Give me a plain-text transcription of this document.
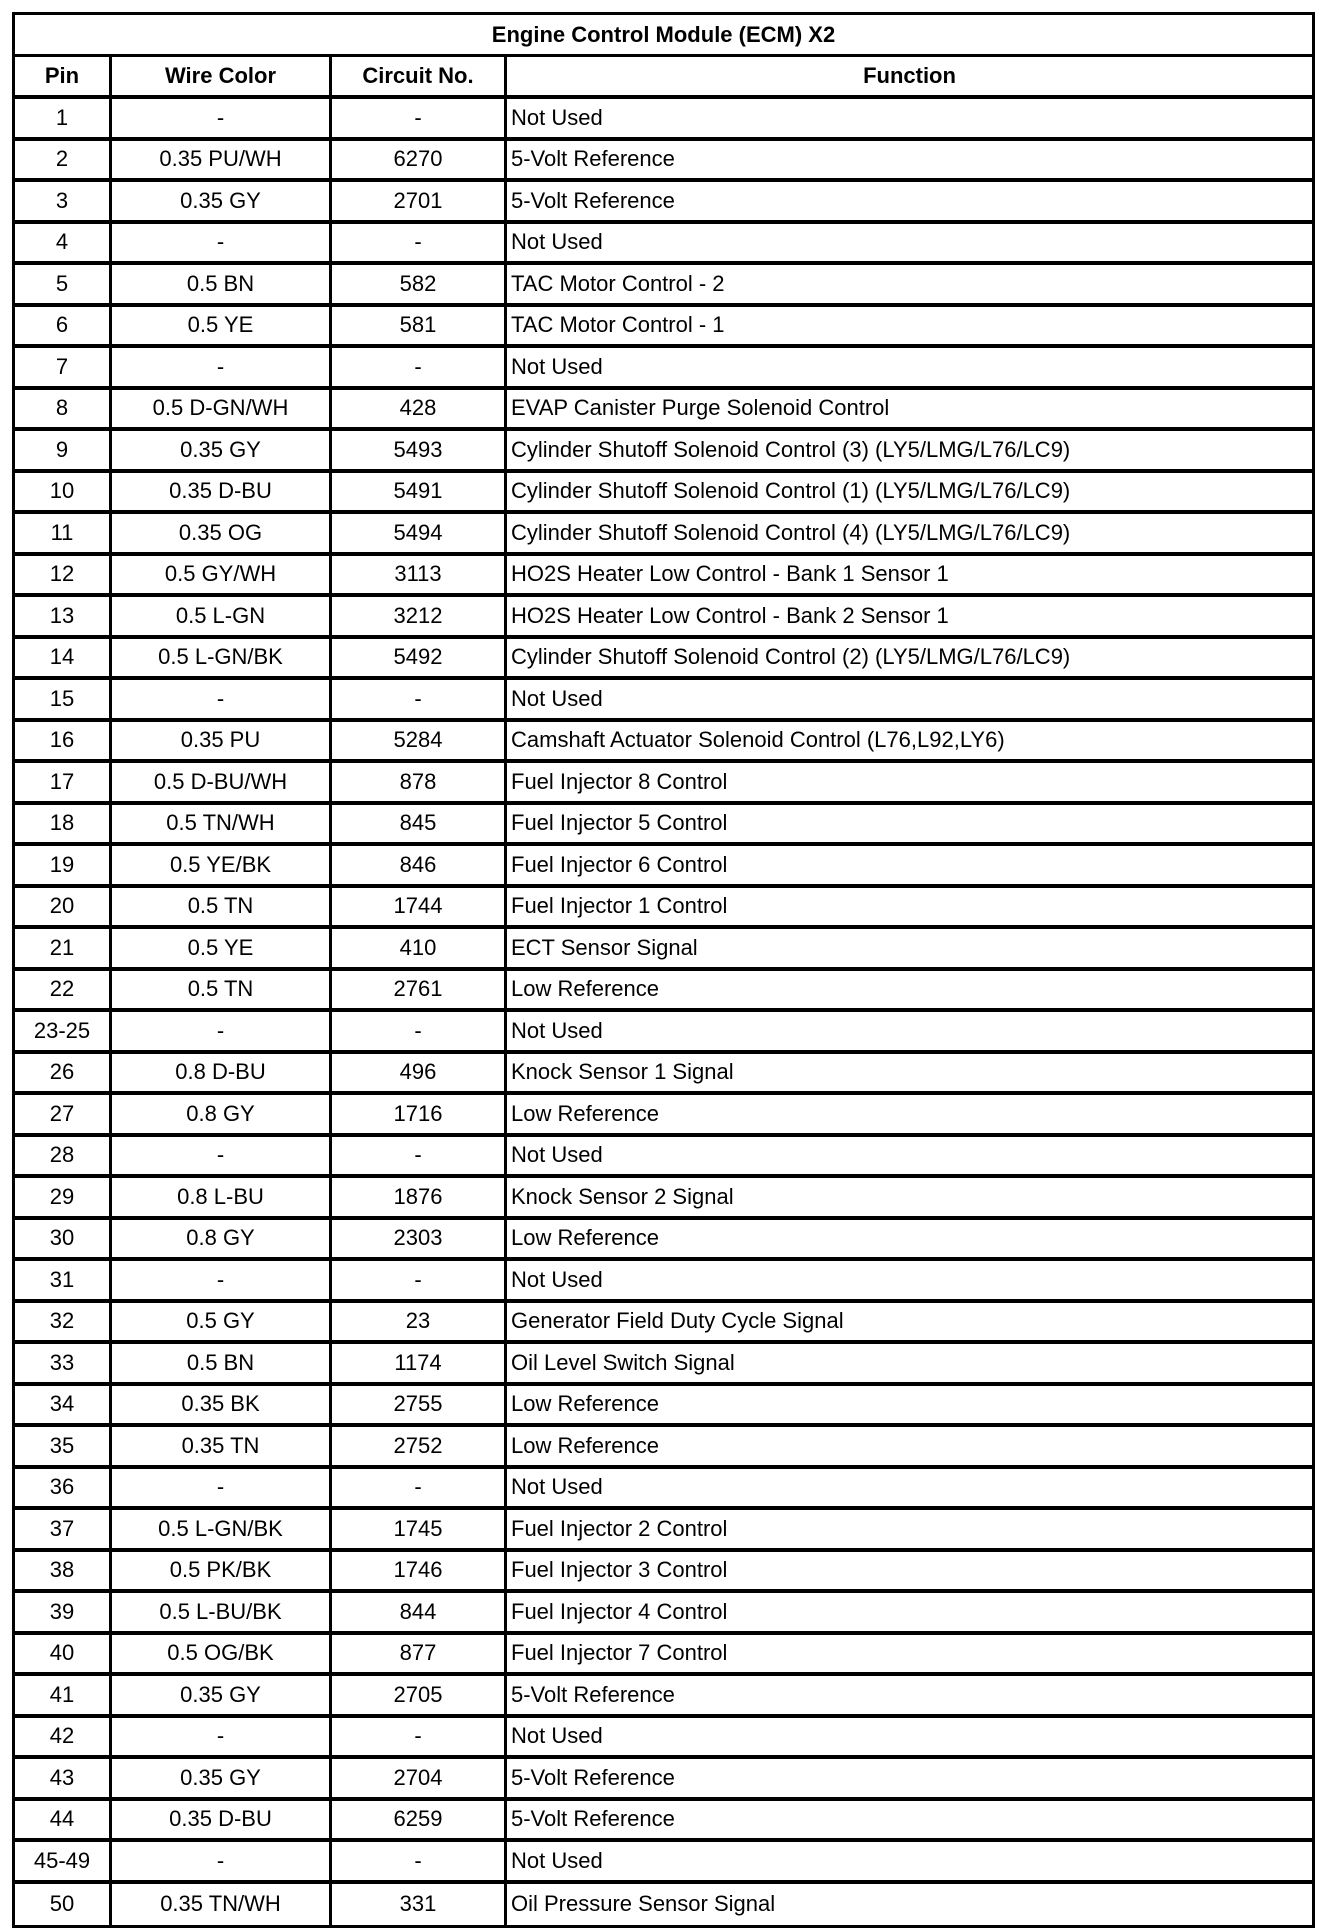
Engine Control Module (ECM) X2
Pin	Wire Color	Circuit No.	Function
1	-	-	Not Used
2	0.35 PU/WH	6270	5-Volt Reference
3	0.35 GY	2701	5-Volt Reference
4	-	-	Not Used
5	0.5 BN	582	TAC Motor Control - 2
6	0.5 YE	581	TAC Motor Control - 1
7	-	-	Not Used
8	0.5 D-GN/WH	428	EVAP Canister Purge Solenoid Control
9	0.35 GY	5493	Cylinder Shutoff Solenoid Control (3) (LY5/LMG/L76/LC9)
10	0.35 D-BU	5491	Cylinder Shutoff Solenoid Control (1) (LY5/LMG/L76/LC9)
11	0.35 OG	5494	Cylinder Shutoff Solenoid Control (4) (LY5/LMG/L76/LC9)
12	0.5 GY/WH	3113	HO2S Heater Low Control - Bank 1 Sensor 1
13	0.5 L-GN	3212	HO2S Heater Low Control - Bank 2 Sensor 1
14	0.5 L-GN/BK	5492	Cylinder Shutoff Solenoid Control (2) (LY5/LMG/L76/LC9)
15	-	-	Not Used
16	0.35 PU	5284	Camshaft Actuator Solenoid Control (L76,L92,LY6)
17	0.5 D-BU/WH	878	Fuel Injector 8 Control
18	0.5 TN/WH	845	Fuel Injector 5 Control
19	0.5 YE/BK	846	Fuel Injector 6 Control
20	0.5 TN	1744	Fuel Injector 1 Control
21	0.5 YE	410	ECT Sensor Signal
22	0.5 TN	2761	Low Reference
23-25	-	-	Not Used
26	0.8 D-BU	496	Knock Sensor 1 Signal
27	0.8 GY	1716	Low Reference
28	-	-	Not Used
29	0.8 L-BU	1876	Knock Sensor 2 Signal
30	0.8 GY	2303	Low Reference
31	-	-	Not Used
32	0.5 GY	23	Generator Field Duty Cycle Signal
33	0.5 BN	1174	Oil Level Switch Signal
34	0.35 BK	2755	Low Reference
35	0.35 TN	2752	Low Reference
36	-	-	Not Used
37	0.5 L-GN/BK	1745	Fuel Injector 2 Control
38	0.5 PK/BK	1746	Fuel Injector 3 Control
39	0.5 L-BU/BK	844	Fuel Injector 4 Control
40	0.5 OG/BK	877	Fuel Injector 7 Control
41	0.35 GY	2705	5-Volt Reference
42	-	-	Not Used
43	0.35 GY	2704	5-Volt Reference
44	0.35 D-BU	6259	5-Volt Reference
45-49	-	-	Not Used
50	0.35 TN/WH	331	Oil Pressure Sensor Signal
